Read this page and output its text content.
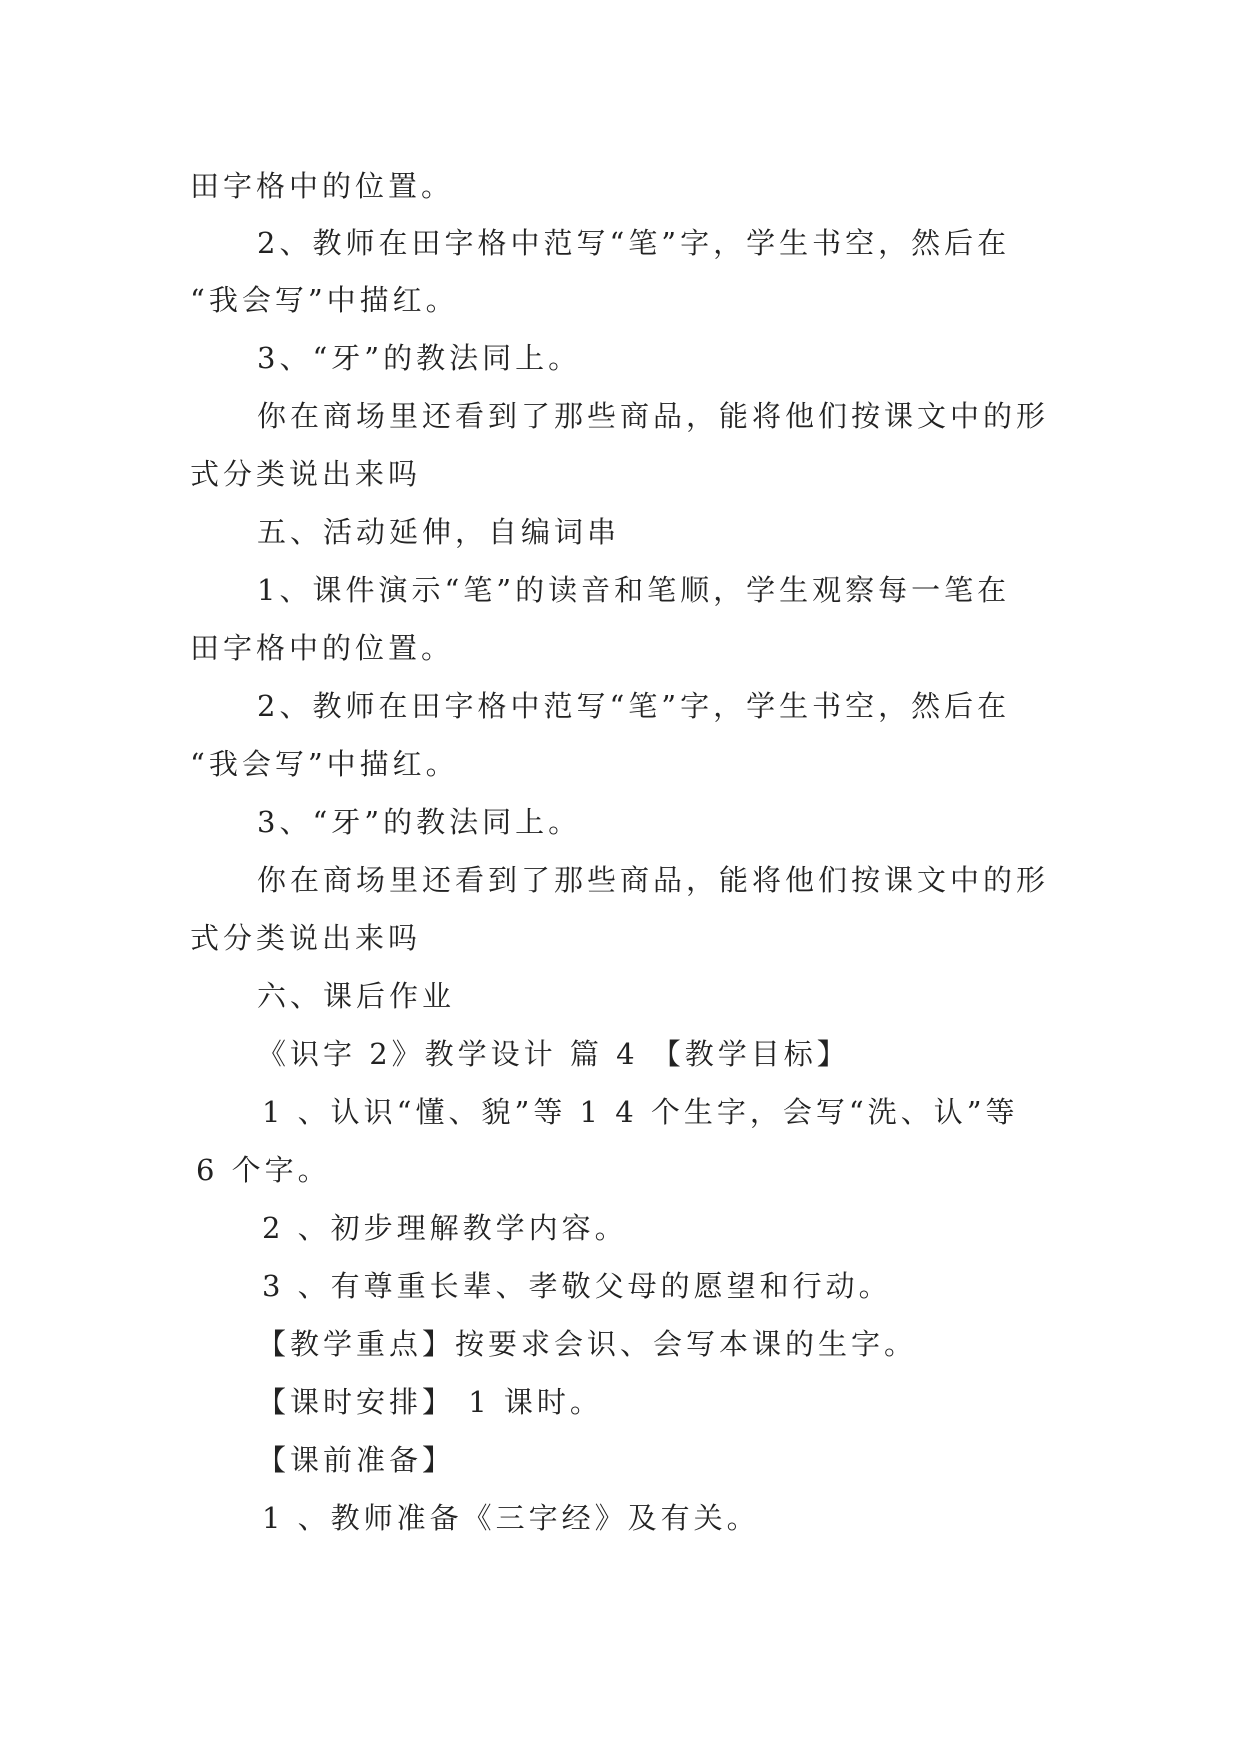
田字格中的位置。
2、教师在田字格中范写“笔”字，学生书空，然后在
“我会写”中描红。
3、“牙”的教法同上。
你在商场里还看到了那些商品，能将他们按课文中的形
式分类说出来吗
五、活动延伸，自编词串
1、课件演示“笔”的读音和笔顺，学生观察每一笔在
田字格中的位置。
2、教师在田字格中范写“笔”字，学生书空，然后在
“我会写”中描红。
3、“牙”的教法同上。
你在商场里还看到了那些商品，能将他们按课文中的形
式分类说出来吗
六、课后作业
《识字 2》教学设计 篇 4 【教学目标】
1 、认识“懂、貌”等 1 4 个生字，会写“洗、认”等
6 个字。
2 、初步理解教学内容。
3 、有尊重长辈、孝敬父母的愿望和行动。
【教学重点】按要求会识、会写本课的生字。
【课时安排】 1 课时。
【课前准备】
1 、教师准备《三字经》及有关。
